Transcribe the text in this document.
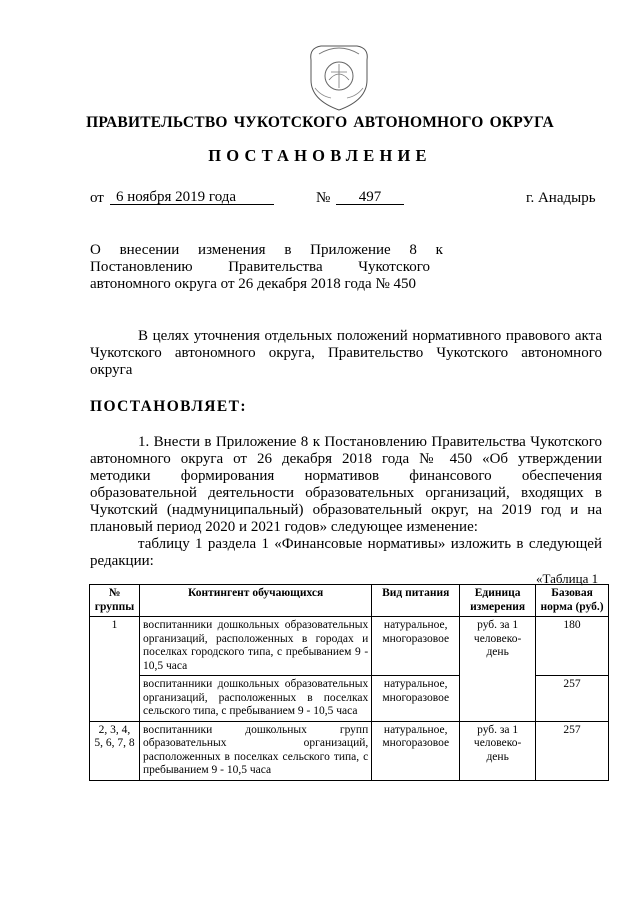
ПРАВИТЕЛЬСТВО ЧУКОТСКОГО АВТОНОМНОГО ОКРУГА
ПОСТАНОВЛЕНИЕ
от 6 ноября 2019 года	№	497	г. Анадырь
О     внесении     изменения     в     Приложение     8     к
Постановлению      Правительства      Чукотского
автономного округа от 26 декабря 2018 года № 450
В целях уточнения отдельных положений нормативного правового акта
Чукотского автономного округа, Правительство Чукотского автономного
округа
ПОСТАНОВЛЯЕТ:
1. Внести в Приложение 8 к Постановлению Правительства Чукотского
автономного округа от 26 декабря 2018 года № 450 «Об утверждении
методики     формирования     нормативов     финансового     обеспечения
образовательной деятельности образовательных организаций, входящих в
Чукотский (надмуниципальный) образовательный округ, на 2019 год и на
плановый период 2020 и 2021 годов» следующее изменение:
таблицу 1 раздела 1 «Финансовые нормативы» изложить в следующей
редакции:
«Таблица 1
№ группы	Контингент обучающихся	Вид питания	Единица измерения	Базовая норма (руб.)
1	воспитанники дошкольных образовательных организаций, расположенных в городах и поселках городского типа, с пребыванием 9 - 10,5 часа	натуральное, многоразовое	руб. за 1 человеко-день	180
	воспитанники дошкольных образовательных организаций, расположенных в поселках сельского типа, с пребыванием 9 - 10,5 часа	натуральное, многоразовое		257
2, 3, 4, 5, 6, 7, 8	воспитанники дошкольных групп образовательных организаций, расположенных в поселках сельского типа, с пребыванием 9 - 10,5 часа	натуральное, многоразовое	руб. за 1 человеко-день	257
